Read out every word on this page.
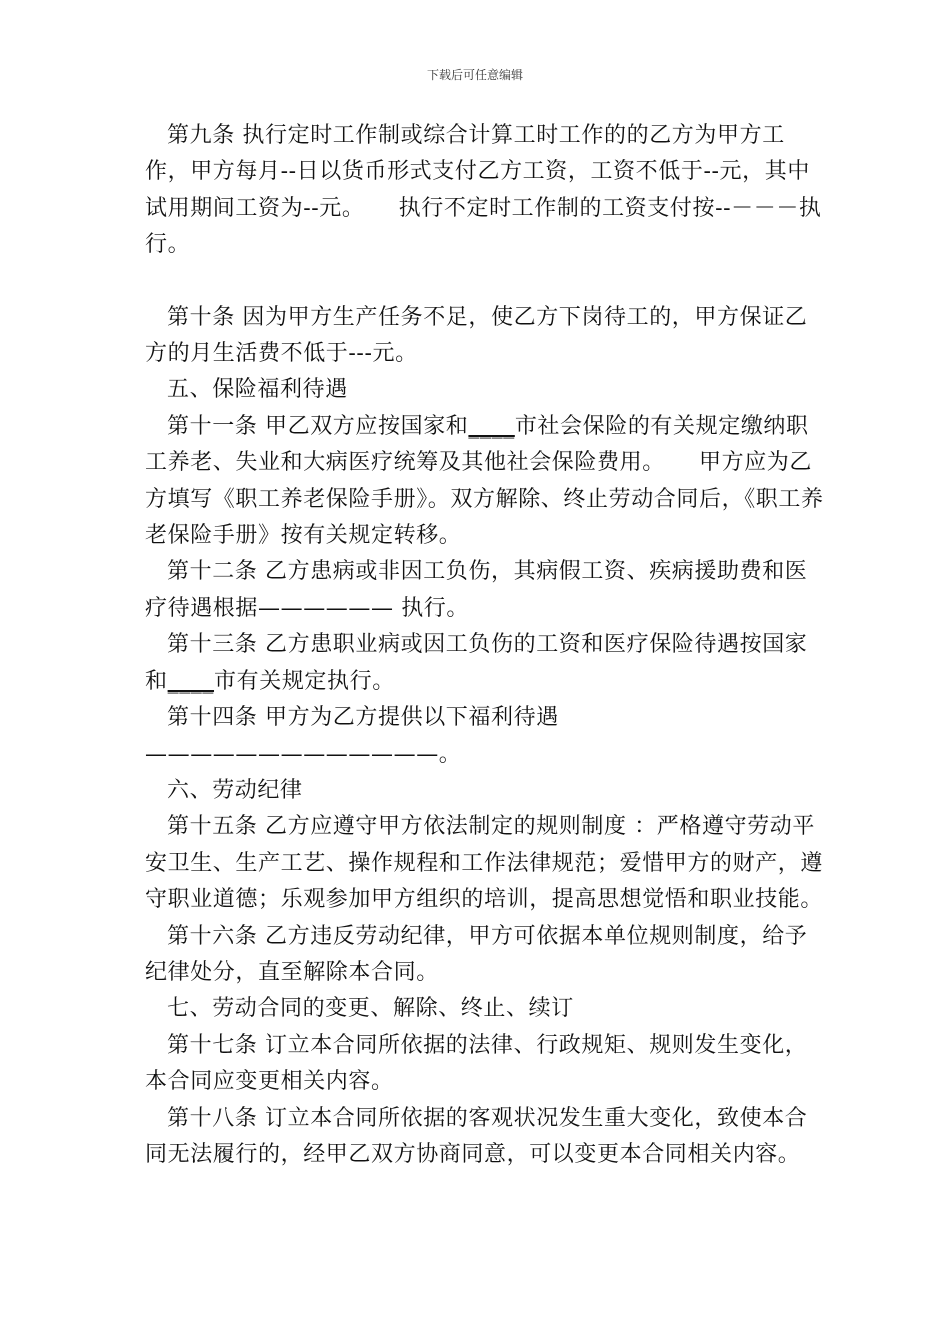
下载后可任意编辑

第九条 执行定时工作制或综合计算工时工作的的乙方为甲方工作，甲方每月--日以货币形式支付乙方工资，工资不低于--元，其中试用期间工资为--元。　　执行不定时工作制的工资支付按--－－－执行。

第十条 因为甲方生产任务不足，使乙方下岗待工的，甲方保证乙方的月生活费不低于---元。

五、保险福利待遇

第十一条 甲乙双方应按国家和____市社会保险的有关规定缴纳职工养老、失业和大病医疗统筹及其他社会保险费用。　　甲方应为乙方填写《职工养老保险手册》。双方解除、终止劳动合同后，《职工养老保险手册》按有关规定转移。

第十二条 乙方患病或非因工负伤，其病假工资、疾病援助费和医疗待遇根据—————— 执行。

第十三条 乙方患职业病或因工负伤的工资和医疗保险待遇按国家和____市有关规定执行。

第十四条 甲方为乙方提供以下福利待遇—————————————。

六、劳动纪律

第十五条 乙方应遵守甲方依法制定的规则制度 ：严格遵守劳动平安卫生、生产工艺、操作规程和工作法律规范；爱惜甲方的财产，遵守职业道德；乐观参加甲方组织的培训，提高思想觉悟和职业技能。

第十六条 乙方违反劳动纪律，甲方可依据本单位规则制度，给予纪律处分，直至解除本合同。

七、劳动合同的变更、解除、终止、续订

第十七条 订立本合同所依据的法律、行政规矩、规则发生变化，本合同应变更相关内容。

第十八条 订立本合同所依据的客观状况发生重大变化，致使本合同无法履行的，经甲乙双方协商同意，可以变更本合同相关内容。
